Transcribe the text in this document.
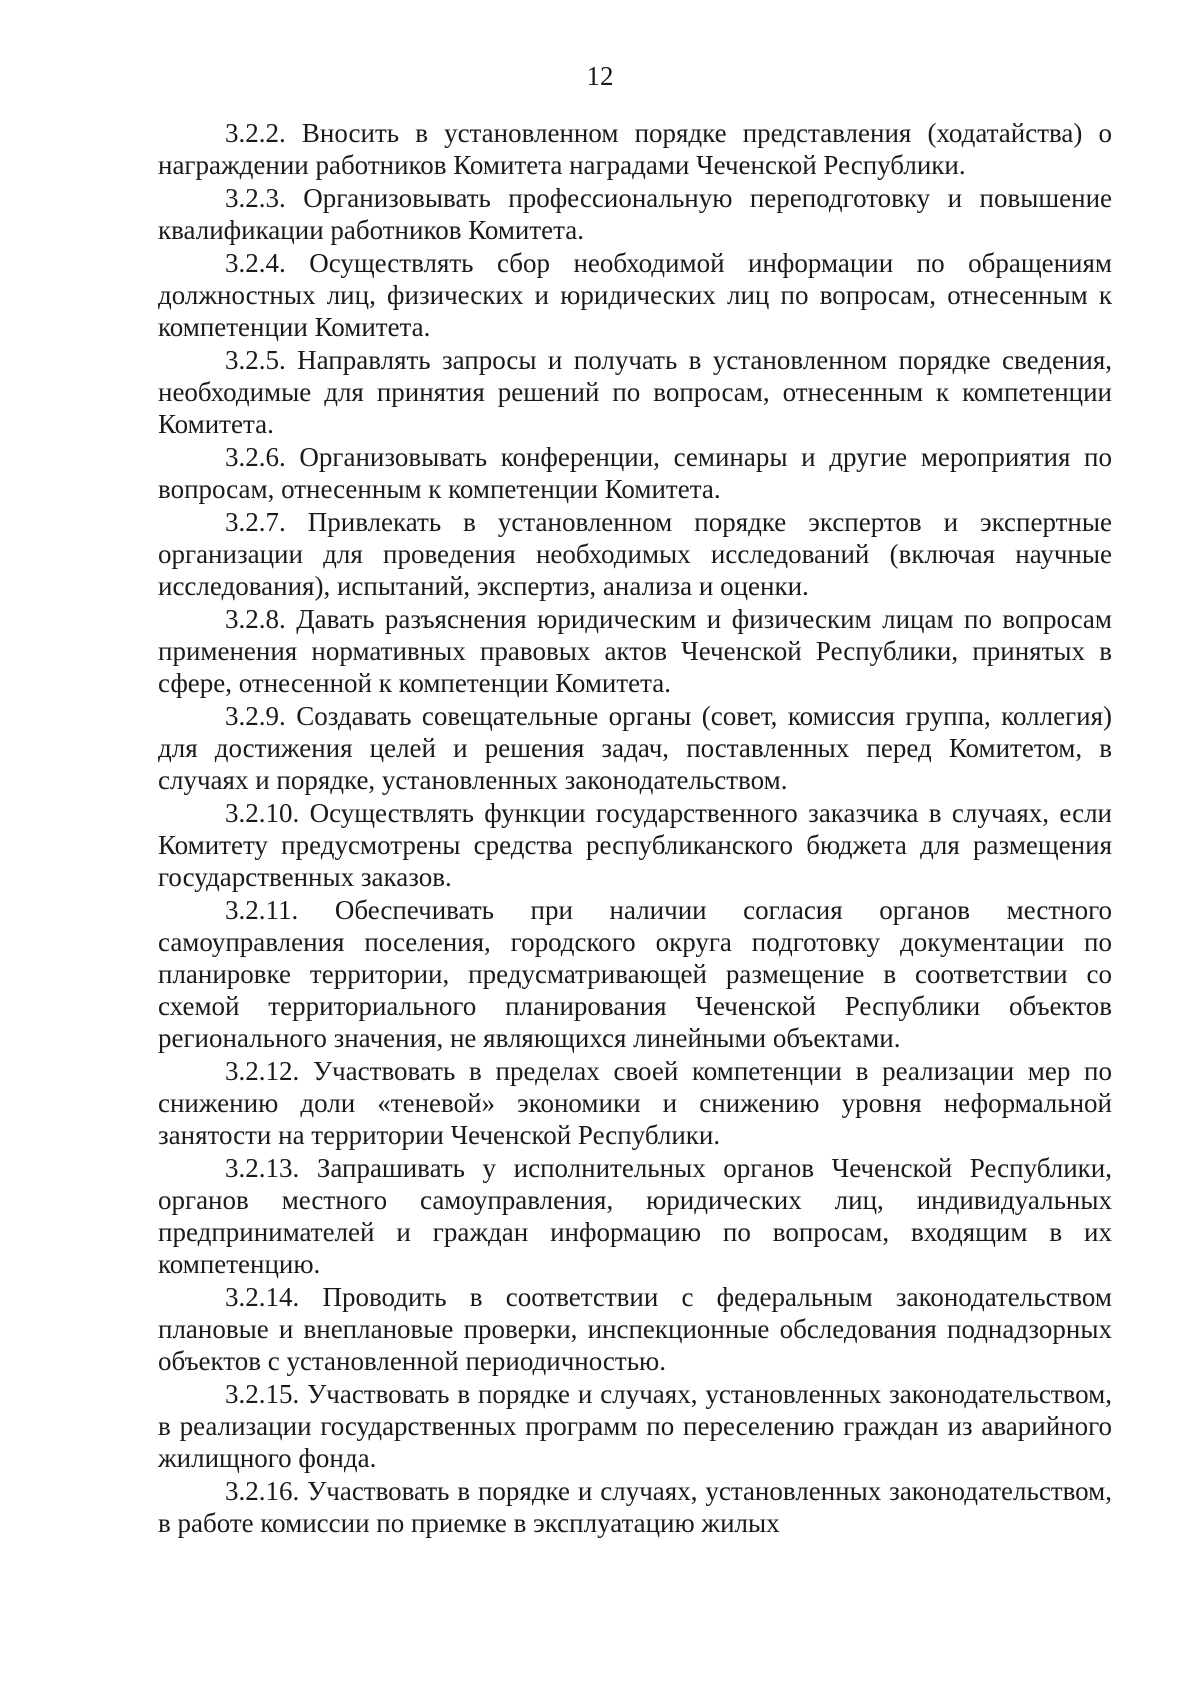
12

3.2.2. Вносить в установленном порядке представления (ходатайства) о награждении работников Комитета наградами Чеченской Республики.

3.2.3. Организовывать профессиональную переподготовку и повышение квалификации работников Комитета.

3.2.4. Осуществлять сбор необходимой информации по обращениям должностных лиц, физических и юридических лиц по вопросам, отнесенным к компетенции Комитета.

3.2.5. Направлять запросы и получать в установленном порядке сведения, необходимые для принятия решений по вопросам, отнесенным к компетенции Комитета.

3.2.6. Организовывать конференции, семинары и другие мероприятия по вопросам, отнесенным к компетенции Комитета.

3.2.7. Привлекать в установленном порядке экспертов и экспертные организации для проведения необходимых исследований (включая научные исследования), испытаний, экспертиз, анализа и оценки.

3.2.8. Давать разъяснения юридическим и физическим лицам по вопросам применения нормативных правовых актов Чеченской Республики, принятых в сфере, отнесенной к компетенции Комитета.

3.2.9. Создавать совещательные органы (совет, комиссия группа, коллегия) для достижения целей и решения задач, поставленных перед Комитетом, в случаях и порядке, установленных законодательством.

3.2.10. Осуществлять функции государственного заказчика в случаях, если Комитету предусмотрены средства республиканского бюджета для размещения государственных заказов.

3.2.11. Обеспечивать при наличии согласия органов местного самоуправления поселения, городского округа подготовку документации по планировке территории, предусматривающей размещение в соответствии со схемой территориального планирования Чеченской Республики объектов регионального значения, не являющихся линейными объектами.

3.2.12. Участвовать в пределах своей компетенции в реализации мер по снижению доли «теневой» экономики и снижению уровня неформальной занятости на территории Чеченской Республики.

3.2.13. Запрашивать у исполнительных органов Чеченской Республики, органов местного самоуправления, юридических лиц, индивидуальных предпринимателей и граждан информацию по вопросам, входящим в их компетенцию.

3.2.14. Проводить в соответствии с федеральным законодательством плановые и внеплановые проверки, инспекционные обследования поднадзорных объектов с установленной периодичностью.

3.2.15. Участвовать в порядке и случаях, установленных законодательством, в реализации государственных программ по переселению граждан из аварийного жилищного фонда.

3.2.16. Участвовать в порядке и случаях, установленных законодательством, в работе комиссии по приемке в эксплуатацию жилых
